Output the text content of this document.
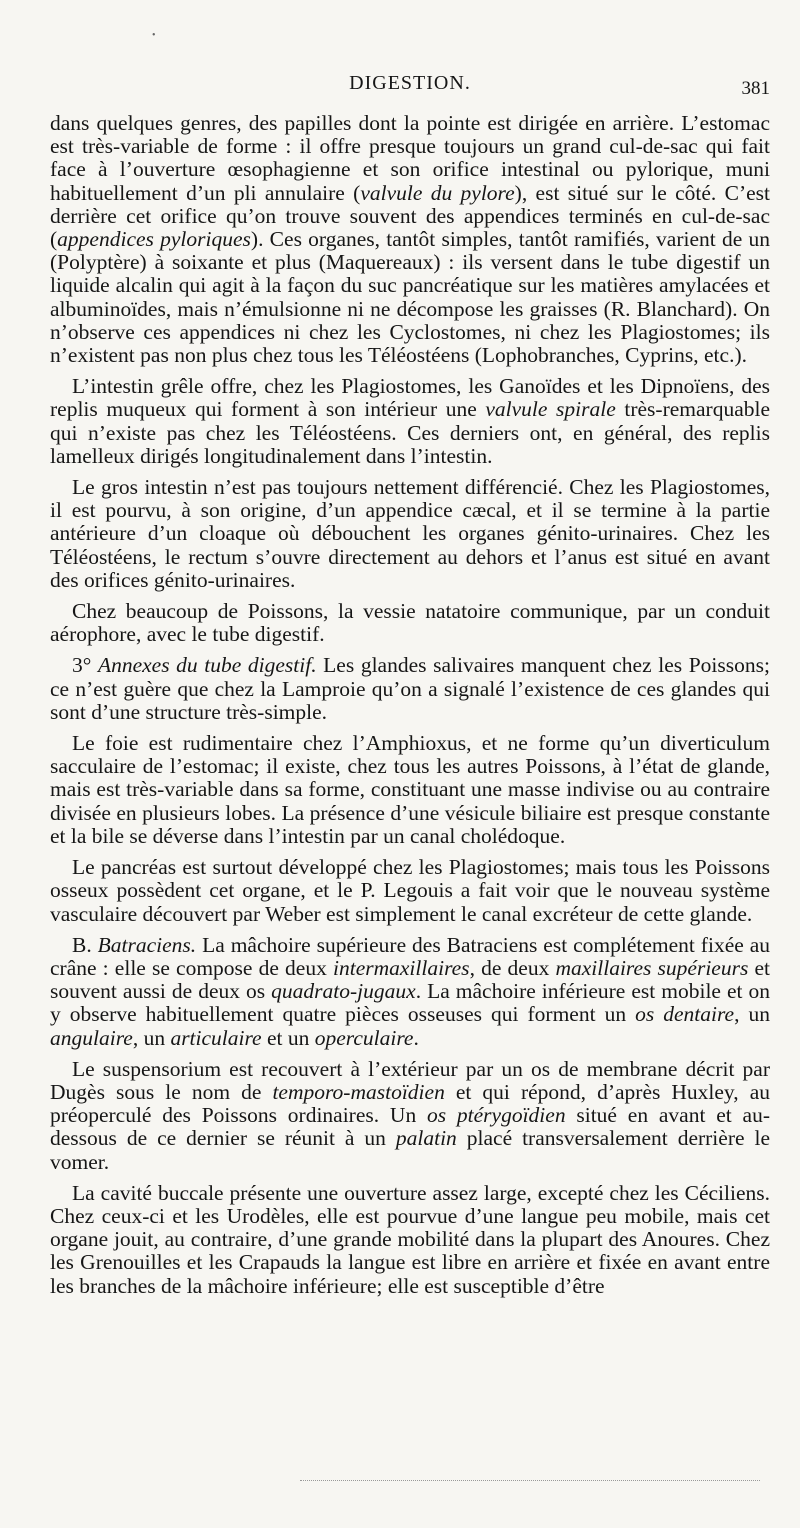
•
DIGESTION.	381

dans quelques genres, des papilles dont la pointe est dirigée en arrière. L’estomac est très-variable de forme : il offre presque toujours un grand cul-de-sac qui fait face à l’ouverture œsophagienne et son orifice intestinal ou pylorique, muni habituellement d’un pli annulaire (valvule du pylore), est situé sur le côté. C’est derrière cet orifice qu’on trouve souvent des appendices terminés en cul-de-sac (appendices pyloriques). Ces organes, tantôt simples, tantôt ramifiés, varient de un (Polyptère) à soixante et plus (Maquereaux) : ils versent dans le tube digestif un liquide alcalin qui agit à la façon du suc pancréatique sur les matières amylacées et albuminoïdes, mais n’émulsionne ni ne décompose les graisses (R. Blanchard). On n’observe ces appendices ni chez les Cyclostomes, ni chez les Plagiostomes; ils n’existent pas non plus chez tous les Téléostéens (Lophobranches, Cyprins, etc.).

L’intestin grêle offre, chez les Plagiostomes, les Ganoïdes et les Dipnoïens, des replis muqueux qui forment à son intérieur une valvule spirale très-remarquable qui n’existe pas chez les Téléostéens. Ces derniers ont, en général, des replis lamelleux dirigés longitudinalement dans l’intestin.

Le gros intestin n’est pas toujours nettement différencié. Chez les Plagiostomes, il est pourvu, à son origine, d’un appendice cæcal, et il se termine à la partie antérieure d’un cloaque où débouchent les organes génito-urinaires. Chez les Téléostéens, le rectum s’ouvre directement au dehors et l’anus est situé en avant des orifices génito-urinaires.

Chez beaucoup de Poissons, la vessie natatoire communique, par un conduit aérophore, avec le tube digestif.

3° Annexes du tube digestif. Les glandes salivaires manquent chez les Poissons; ce n’est guère que chez la Lamproie qu’on a signalé l’existence de ces glandes qui sont d’une structure très-simple.

Le foie est rudimentaire chez l’Amphioxus, et ne forme qu’un diverticulum sacculaire de l’estomac; il existe, chez tous les autres Poissons, à l’état de glande, mais est très-variable dans sa forme, constituant une masse indivise ou au contraire divisée en plusieurs lobes. La présence d’une vésicule biliaire est presque constante et la bile se déverse dans l’intestin par un canal cholédoque.

Le pancréas est surtout développé chez les Plagiostomes; mais tous les Poissons osseux possèdent cet organe, et le P. Legouis a fait voir que le nouveau système vasculaire découvert par Weber est simplement le canal excréteur de cette glande.

B. Batraciens. La mâchoire supérieure des Batraciens est complétement fixée au crâne : elle se compose de deux intermaxillaires, de deux maxillaires supérieurs et souvent aussi de deux os quadrato-jugaux. La mâchoire inférieure est mobile et on y observe habituellement quatre pièces osseuses qui forment un os dentaire, un angulaire, un articulaire et un operculaire.

Le suspensorium est recouvert à l’extérieur par un os de membrane décrit par Dugès sous le nom de temporo-mastoïdien et qui répond, d’après Huxley, au préoperculé des Poissons ordinaires. Un os ptérygoïdien situé en avant et au-dessous de ce dernier se réunit à un palatin placé transversalement derrière le vomer.

La cavité buccale présente une ouverture assez large, excepté chez les Céciliens. Chez ceux-ci et les Urodèles, elle est pourvue d’une langue peu mobile, mais cet organe jouit, au contraire, d’une grande mobilité dans la plupart des Anoures. Chez les Grenouilles et les Crapauds la langue est libre en arrière et fixée en avant entre les branches de la mâchoire inférieure; elle est susceptible d’être
